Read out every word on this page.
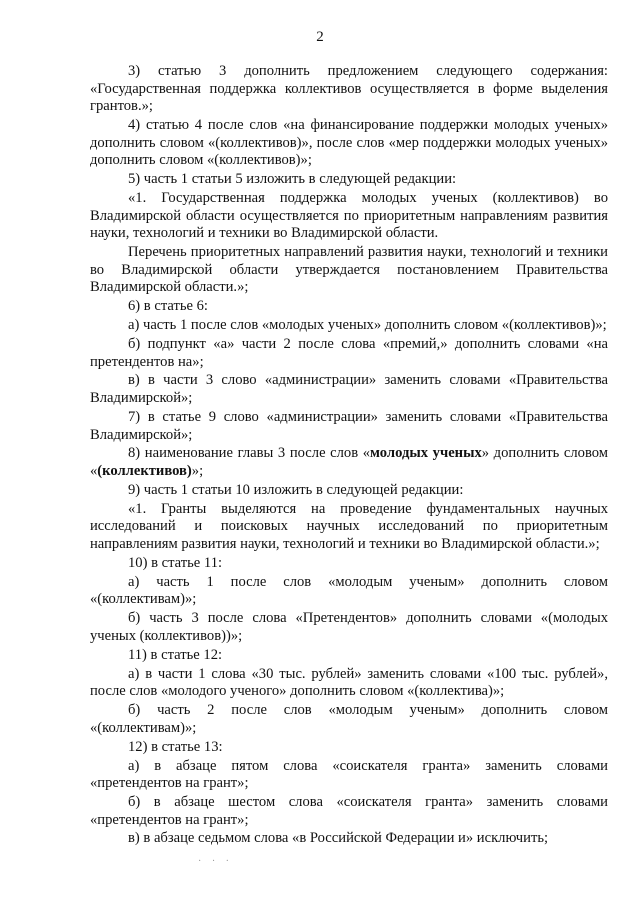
2

3) статью 3 дополнить предложением следующего содержания: «Государственная поддержка коллективов осуществляется в форме выделения грантов.»;

4) статью 4 после слов «на финансирование поддержки молодых ученых» дополнить словом «(коллективов)», после слов «мер поддержки молодых ученых» дополнить словом «(коллективов)»;

5) часть 1 статьи 5 изложить в следующей редакции:

«1. Государственная поддержка молодых ученых (коллективов) во Владимирской области осуществляется по приоритетным направлениям развития науки, технологий и техники во Владимирской области.

Перечень приоритетных направлений развития науки, технологий и техники во Владимирской области утверждается постановлением Правительства Владимирской области.»;

6) в статье 6:

а) часть 1 после слов «молодых ученых» дополнить словом «(коллективов)»;

б) подпункт «а» части 2 после слова «премий,» дополнить словами «на претендентов на»;

в) в части 3 слово «администрации» заменить словами «Правительства Владимирской»;

7) в статье 9 слово «администрации» заменить словами «Правительства Владимирской»;

8) наименование главы 3 после слов «молодых ученых» дополнить словом «(коллективов)»;

9) часть 1 статьи 10 изложить в следующей редакции:

«1. Гранты выделяются на проведение фундаментальных научных исследований и поисковых научных исследований по приоритетным направлениям развития науки, технологий и техники во Владимирской области.»;

10) в статье 11:

а) часть 1 после слов «молодым ученым» дополнить словом «(коллективам)»;

б) часть 3 после слова «Претендентов» дополнить словами «(молодых ученых (коллективов))»;

11) в статье 12:

а) в части 1 слова «30 тыс. рублей» заменить словами «100 тыс. рублей», после слов «молодого ученого» дополнить словом «(коллектива)»;

б) часть 2 после слов «молодым ученым» дополнить словом «(коллективам)»;

12) в статье 13:

а) в абзаце пятом слова «соискателя гранта» заменить словами «претендентов на грант»;

б) в абзаце шестом слова «соискателя гранта» заменить словами «претендентов на грант»;

в) в абзаце седьмом слова «в Российской Федерации и» исключить;

· · ·
